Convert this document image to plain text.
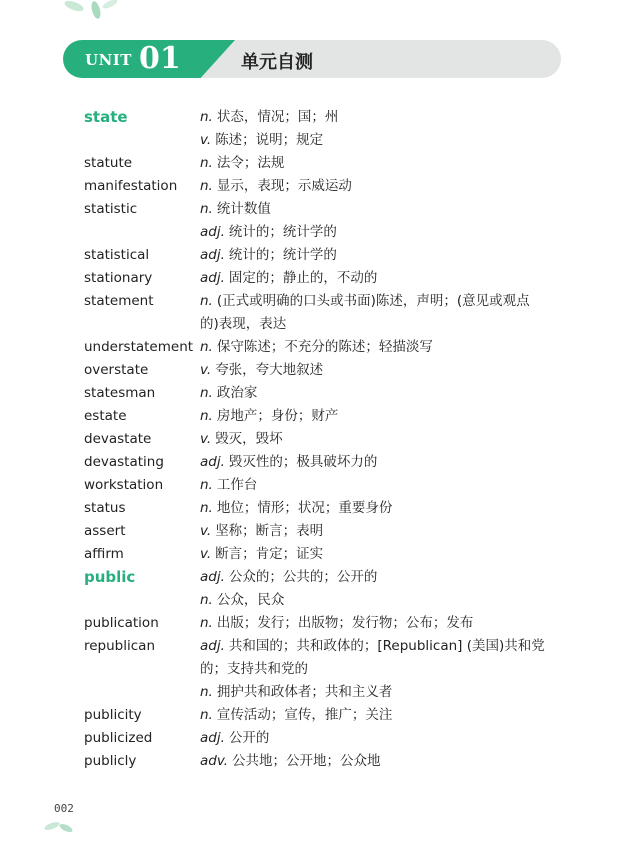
UNIT 01	单元自测
state	n. 状态，情况；国；州
v. 陈述；说明；规定
statute	n. 法令；法规
manifestation	n. 显示，表现；示威运动
statistic	n. 统计数值
adj. 统计的；统计学的
statistical	adj. 统计的；统计学的
stationary	adj. 固定的；静止的，不动的
statement	n. (正式或明确的口头或书面)陈述，声明；(意见或观点
的)表现，表达
understatement n. 保守陈述；不充分的陈述；轻描淡写
overstate	v. 夸张，夸大地叙述
statesman	n. 政治家
estate	n. 房地产；身份；财产
devastate	v. 毁灭，毁坏
devastating	adj. 毁灭性的；极具破坏力的
workstation	n. 工作台
status	n. 地位；情形；状况；重要身份
assert	v. 坚称；断言；表明
affirm	v. 断言；肯定；证实
public	adj. 公众的；公共的；公开的
n. 公众，民众
publication	n. 出版；发行；出版物；发行物；公布；发布
republican	adj. 共和国的；共和政体的；[Republican] (美国)共和党
的；支持共和党的
n. 拥护共和政体者；共和主义者
publicity	n. 宣传活动；宣传，推广；关注
publicized	adj. 公开的
publicly	adv. 公共地；公开地；公众地
002
